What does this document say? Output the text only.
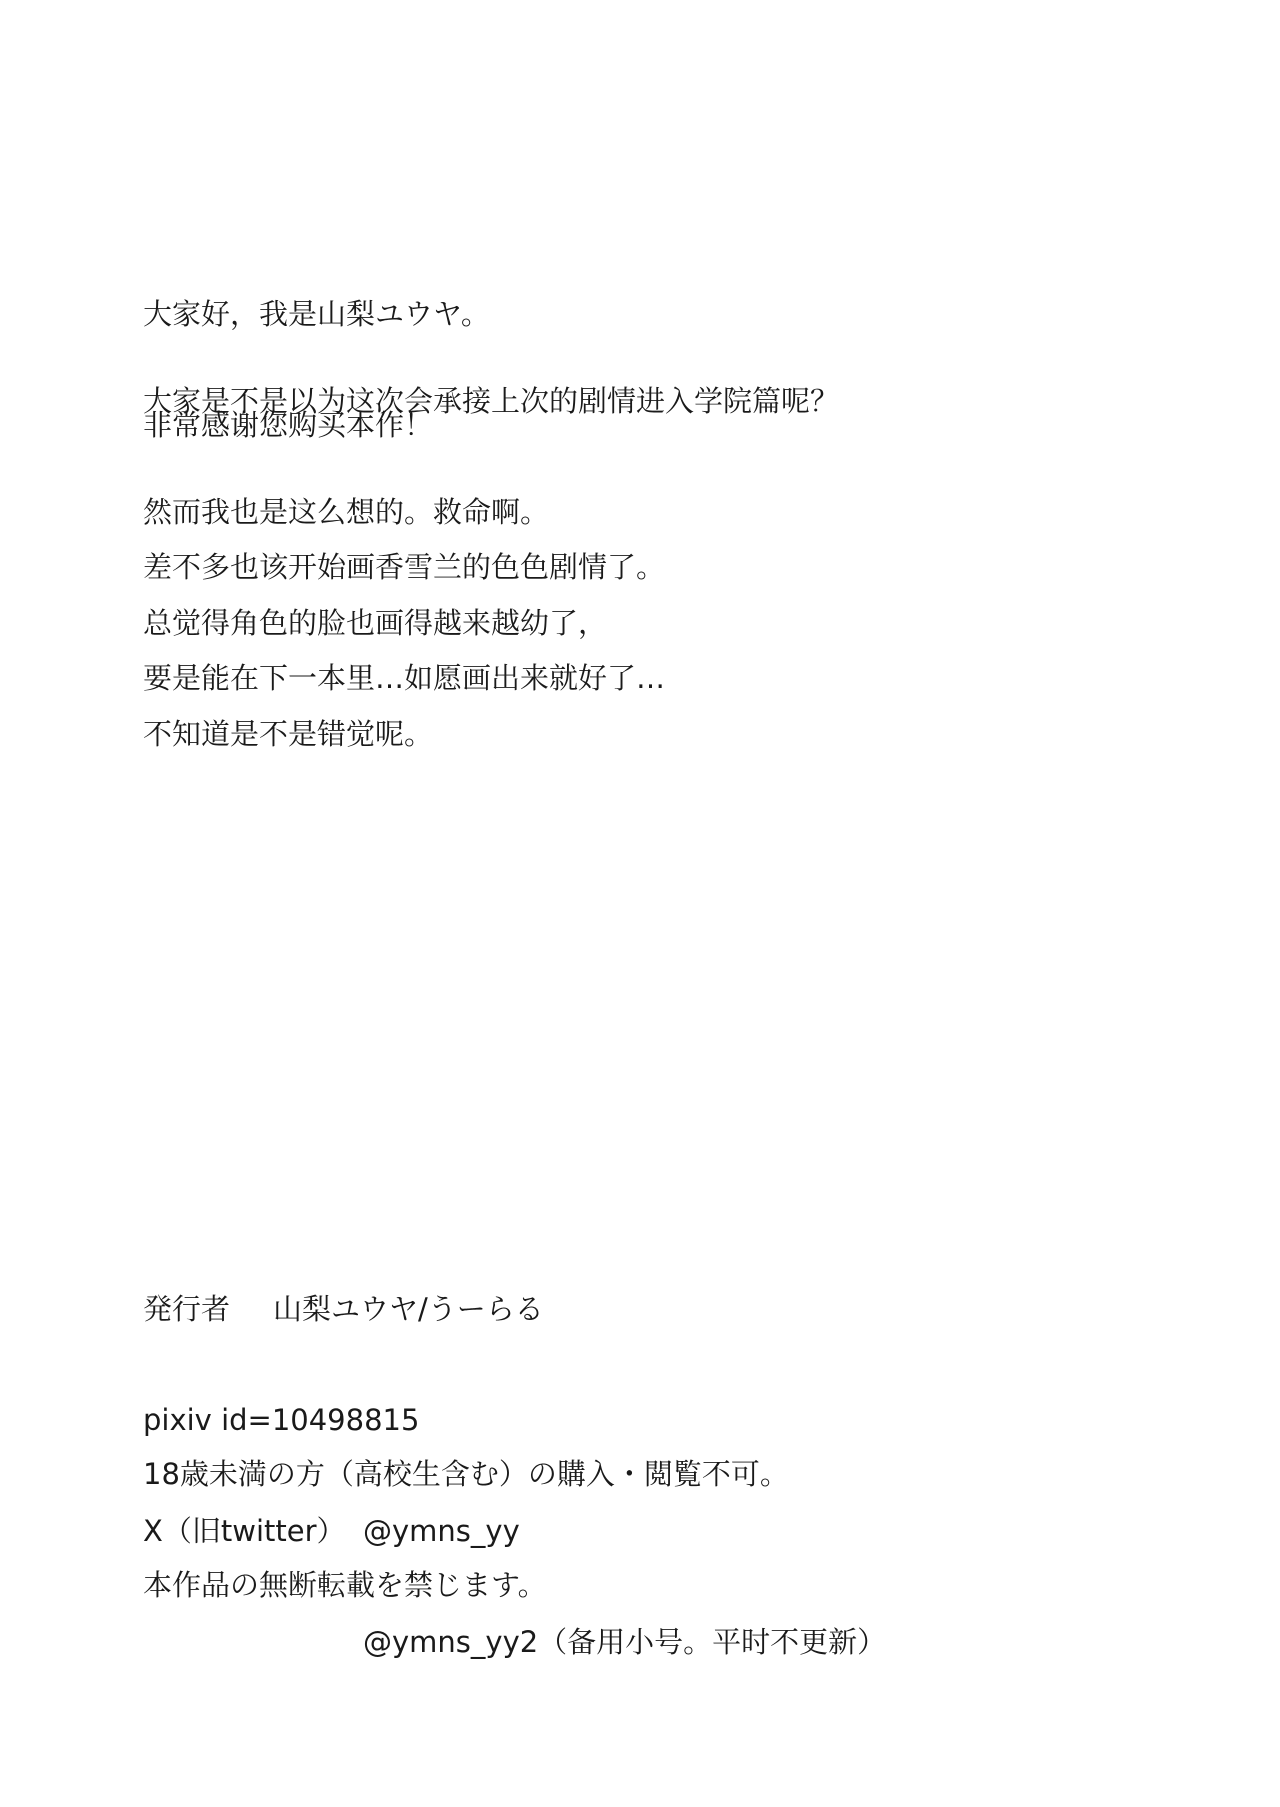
大家好，我是山梨ユウヤ。

非常感谢您购买本作！

大家是不是以为这次会承接上次的剧情进入学院篇呢？

然而我也是这么想的。救命啊。

总觉得角色的脸也画得越来越幼了，

不知道是不是错觉呢。

差不多也该开始画香雪兰的色色剧情了。

要是能在下一本里…如愿画出来就好了…

発行者 山梨ユウヤ/うーらる

pixiv id=10498815

X（旧twitter） @ymns_yy

@ymns_yy2（备用小号。平时不更新）

18歳未満の方（高校生含む）の購入・閲覧不可。

本作品の無断転載を禁じます。
